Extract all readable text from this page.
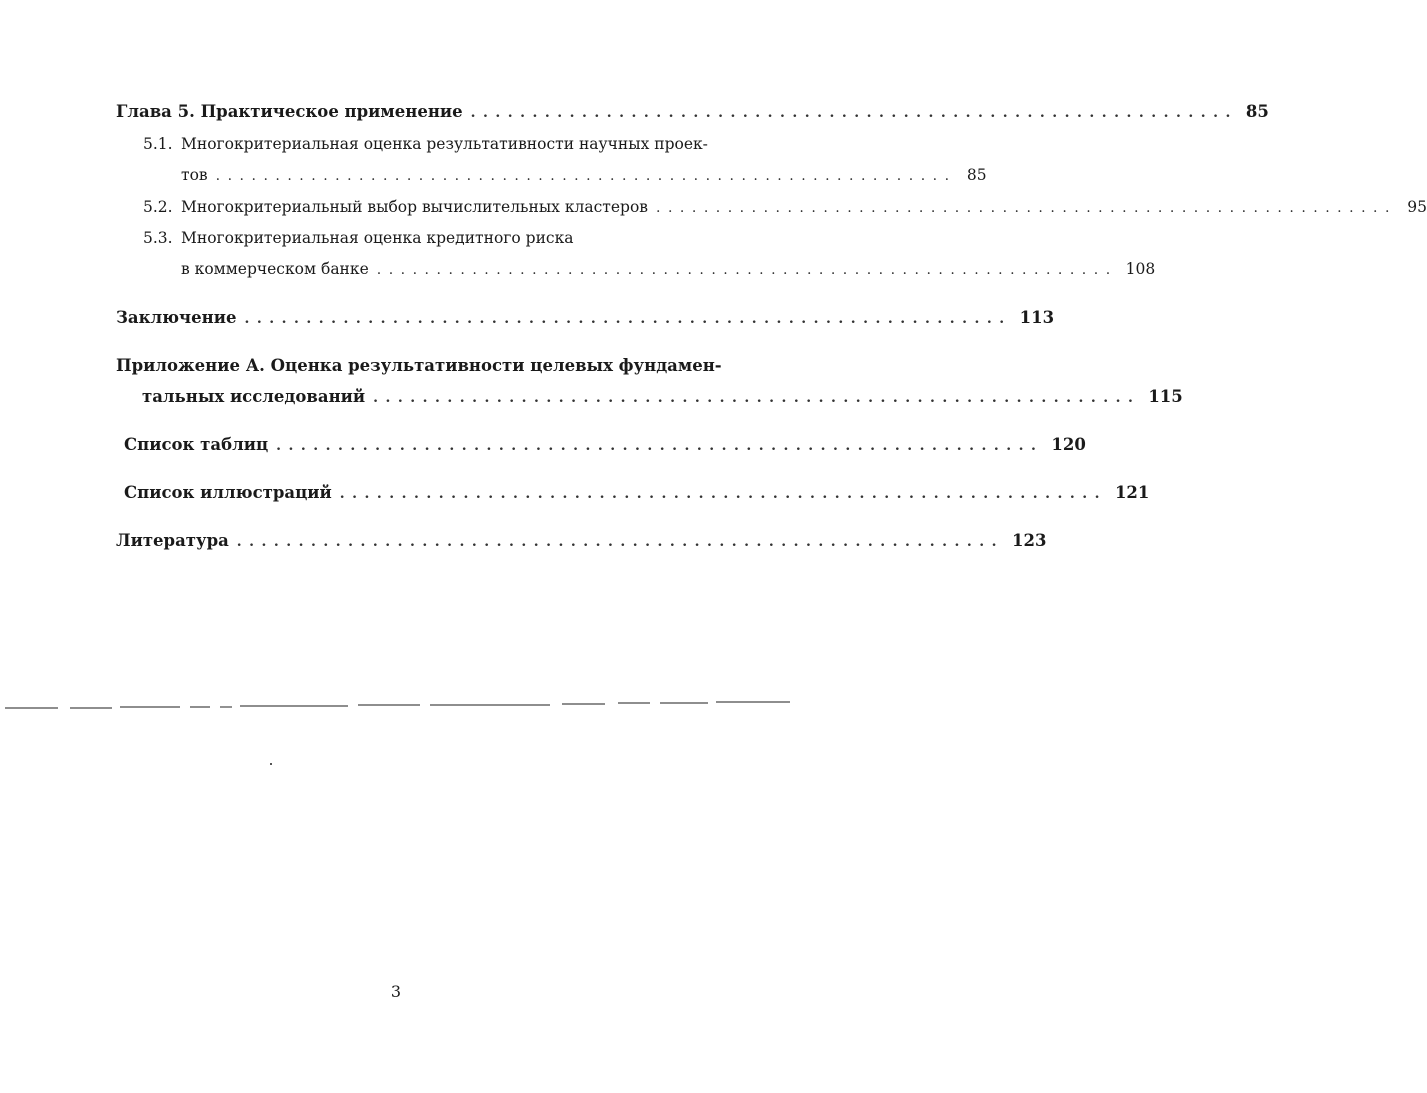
Глава 5. Практическое применение .............................................................. 85
5.1. Многокритериальная оценка результативности научных проек-
тов .............................................................. 85
5.2. Многокритериальный выбор вычислительных кластеров .............................................................. 95
5.3. Многокритериальная оценка кредитного риска
в коммерческом банке .............................................................. 108
Заключение .............................................................. 113
Приложение А. Оценка результативности целевых фундамен-
тальных исследований .............................................................. 115
Список таблиц .............................................................. 120
Список иллюстраций .............................................................. 121
Литература .............................................................. 123
3
